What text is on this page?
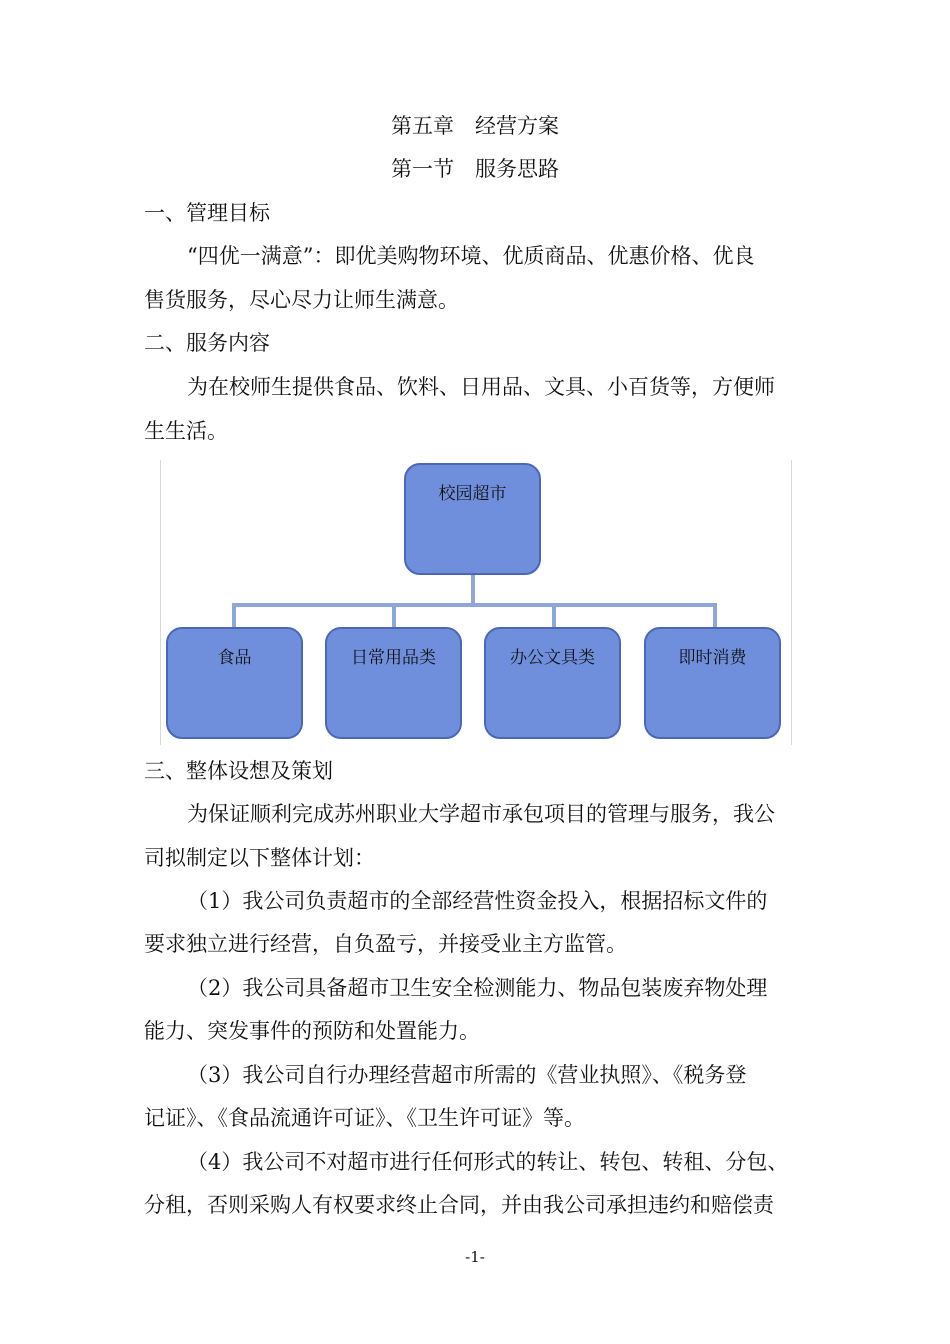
第五章　经营方案
第一节　服务思路
一、管理目标
“四优一满意”：即优美购物环境、优质商品、优惠价格、优良
售货服务，尽心尽力让师生满意。
二、服务内容
为在校师生提供食品、饮料、日用品、文具、小百货等，方便师
生生活。
校园超市
食品	日常用品类	办公文具类	即时消费
三、整体设想及策划
为保证顺利完成苏州职业大学超市承包项目的管理与服务，我公
司拟制定以下整体计划：
（1）我公司负责超市的全部经营性资金投入，根据招标文件的
要求独立进行经营，自负盈亏，并接受业主方监管。
（2）我公司具备超市卫生安全检测能力、物品包装废弃物处理
能力、突发事件的预防和处置能力。
（3）我公司自行办理经营超市所需的《营业执照》、《税务登
记证》、《食品流通许可证》、《卫生许可证》等。
（4）我公司不对超市进行任何形式的转让、转包、转租、分包、
分租，否则采购人有权要求终止合同，并由我公司承担违约和赔偿责
-1-
